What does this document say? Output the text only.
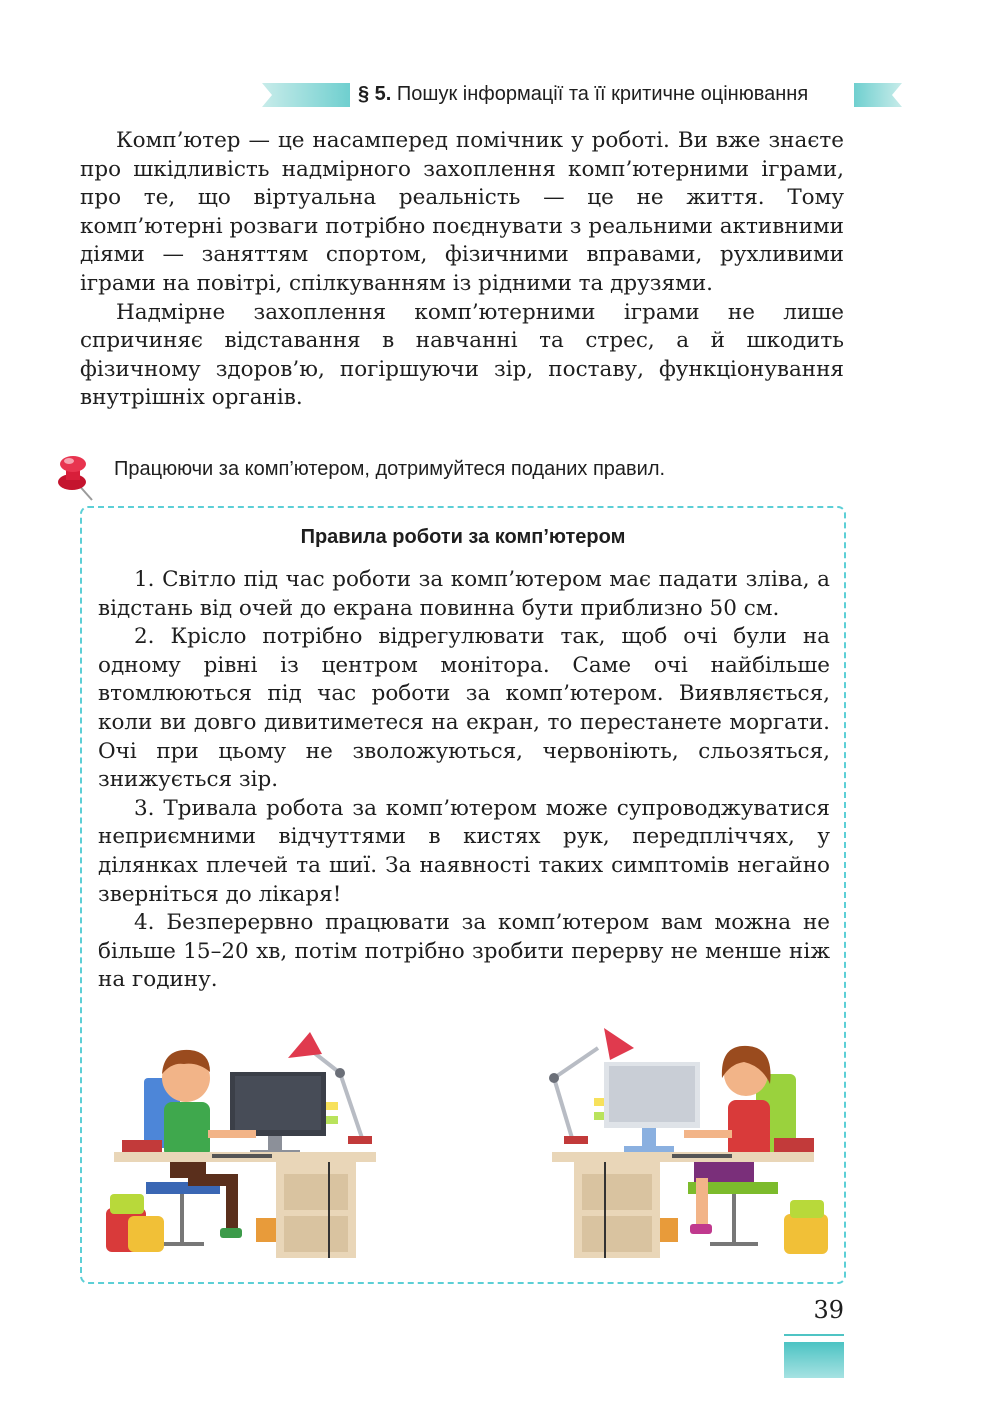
§ 5. Пошук інформації та її критичне оцінювання

Комп’ютер — це насамперед помічник у роботі. Ви вже знаєте про шкідливість надмірного захоплення комп’ютерними іграми, про те, що віртуальна реальність — це не життя. Тому комп’ютерні розваги потрібно поєднувати з реальними активними діями — заняттям спортом, фізичними вправами, рухливими іграми на повітрі, спілкуванням із рідними та друзями.

Надмірне захоплення комп’ютерними іграми не лише спричиняє відставання в навчанні та стрес, а й шкодить фізичному здоров’ю, погіршуючи зір, поставу, функціонування внутрішніх органів.

Працюючи за комп’ютером, дотримуйтеся поданих правил.
Правила роботи за комп’ютером

1. Світло під час роботи за комп’ютером має падати зліва, а відстань від очей до екрана повинна бути приблизно 50 см.

2. Крісло потрібно відрегулювати так, щоб очі були на одному рівні із центром монітора. Саме очі найбільше втомлюються під час роботи за комп’ютером. Виявляється, коли ви довго дивитиметеся на екран, то перестанете моргати. Очі при цьому не зволожуються, червоніють, сльозяться, знижується зір.

3. Тривала робота за комп’ютером може супроводжуватися неприємними відчуттями в кистях рук, передпліччях, у ділянках плечей та шиї. За наявності таких симптомів негайно зверніться до лікаря!

4. Безперервно працювати за комп’ютером вам можна не більше 15–20 хв, потім потрібно зробити перерву не менше ніж на годину.

39
